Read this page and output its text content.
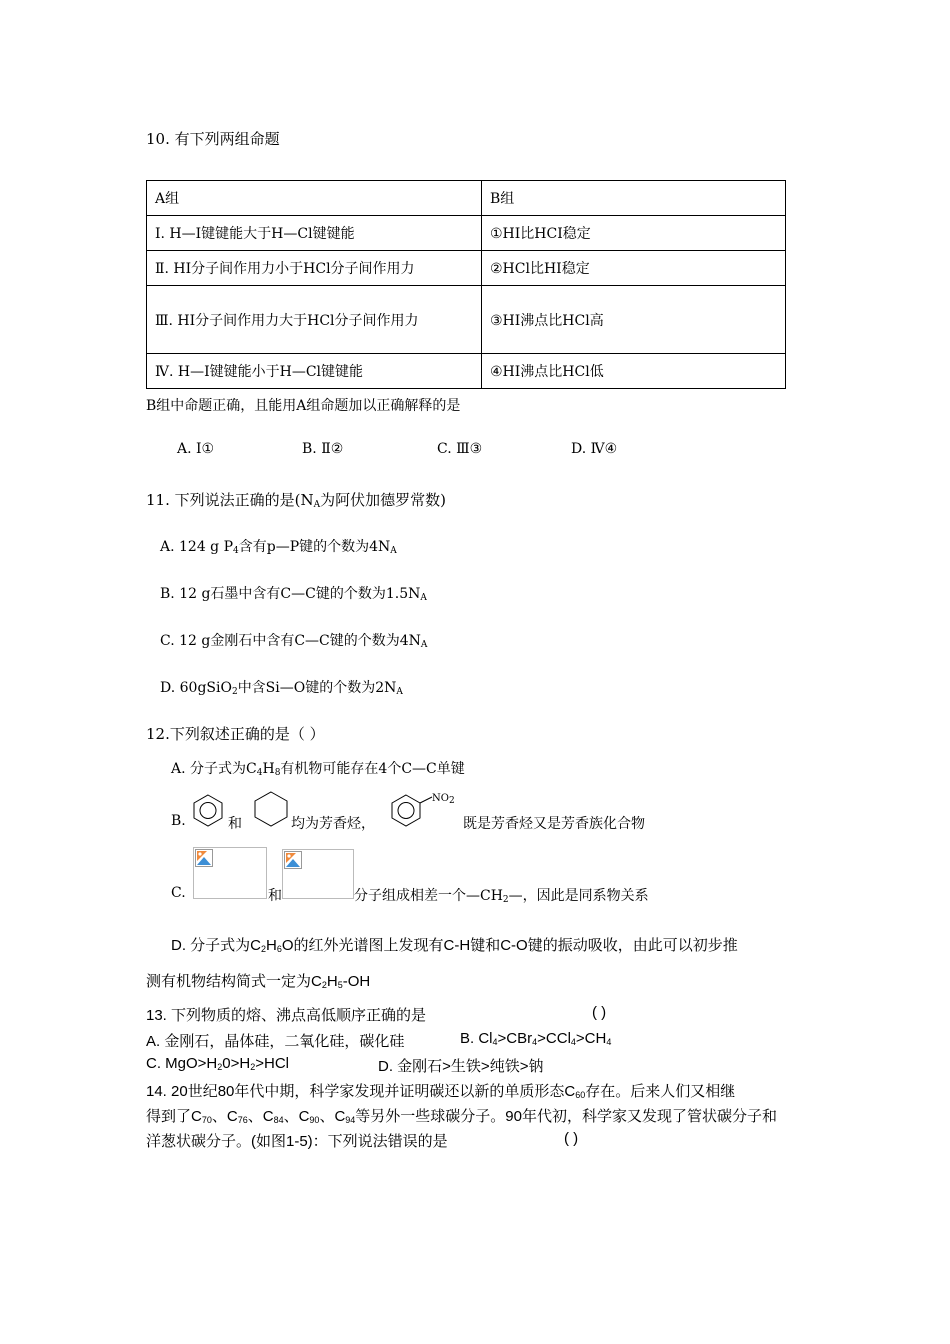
10. 有下列两组命题
A组	B组
Ⅰ. H—I键键能大于H—Cl键键能	①HI比HCI稳定
Ⅱ. HI分子间作用力小于HCl分子间作用力	②HCl比HI稳定
Ⅲ. HI分子间作用力大于HCl分子间作用力	③HI沸点比HCl高
Ⅳ. H—I键键能小于H—Cl键键能	④HI沸点比HCl低
B组中命题正确，且能用A组命题加以正确解释的是
A. Ⅰ①	B. Ⅱ②	C. Ⅲ③	D. Ⅳ④
11. 下列说法正确的是($N_A$为阿伏加德罗常数)
A. 124 g $P_4$含有p—P键的个数为$4N_A$
B. 12 g石墨中含有C—C键的个数为$1.5N_A$
C. 12 g金刚石中含有C—C键的个数为$4N_A$
D. 60gSiO$_2$中含Si—O键的个数为$2N_A$
12.下列叙述正确的是（ ）
A. 分子式为$C_4H_8$有机物可能存在4个C—C单键
B.	和	均为芳香烃，
$NO_2$
既是芳香烃又是芳香族化合物
C.	和	分子组成相差一个$—CH_2—$，因此是同系物关系
D. 分子式为$C_2H_6O$的红外光谱图上发现有C-H键和C-O键的振动吸收，由此可以初步推
测有机物结构简式一定为$C_2H_5-OH$
13. 下列物质的熔、沸点高低顺序正确的是	( )
A. 金刚石，晶体硅，二氧化硅，碳化硅	B. $Cl_4>CBr_4>CCl_4>CH_4$
C. $MgO>H_20>H_2>HCl$	D. 金刚石>生铁>纯铁>钠
14. 20世纪80年代中期，科学家发现并证明碳还以新的单质形态$C_{60}$存在。后来人们又相继
得到了$C_{70}$、$C_{76}$、$C_{84}$、$C_{90}$、$C_{94}$等另外一些球碳分子。90年代初，科学家又发现了管状碳分子和
洋葱状碳分子。(如图1-5)：下列说法错误的是	( )
